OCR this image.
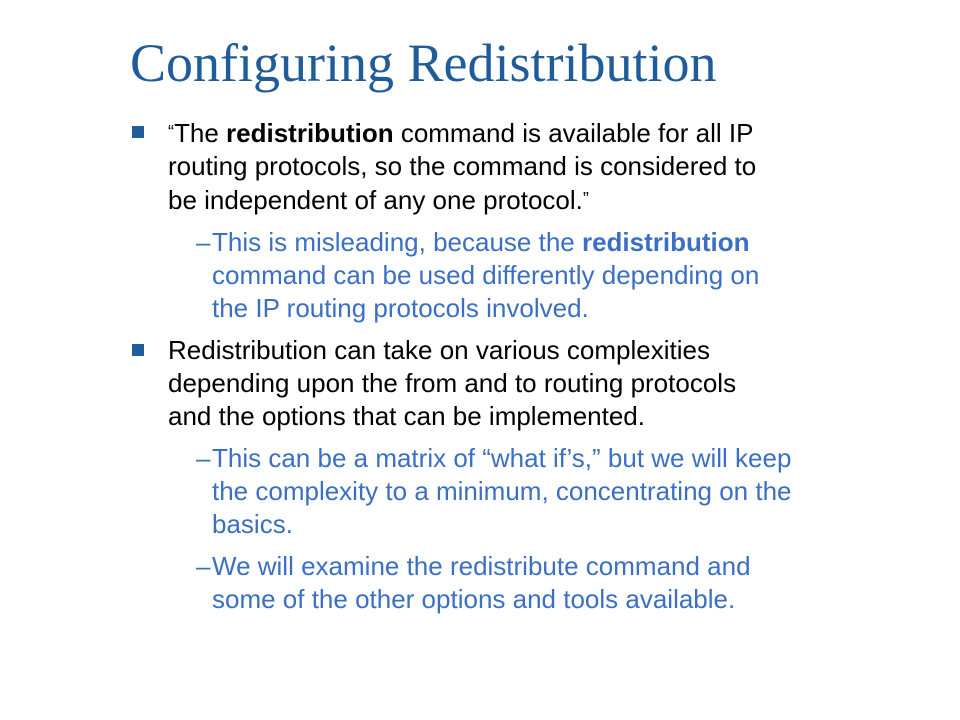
Configuring Redistribution
“The redistribution command is available for all IP
routing protocols, so the command is considered to
be independent of any one protocol.”
– This is misleading, because the redistribution
command can be used differently depending on
the IP routing protocols involved.
Redistribution can take on various complexities
depending upon the from and to routing protocols
and the options that can be implemented.
– This can be a matrix of “what if’s,” but we will keep
the complexity to a minimum, concentrating on the
basics.
– We will examine the redistribute command and
some of the other options and tools available.
